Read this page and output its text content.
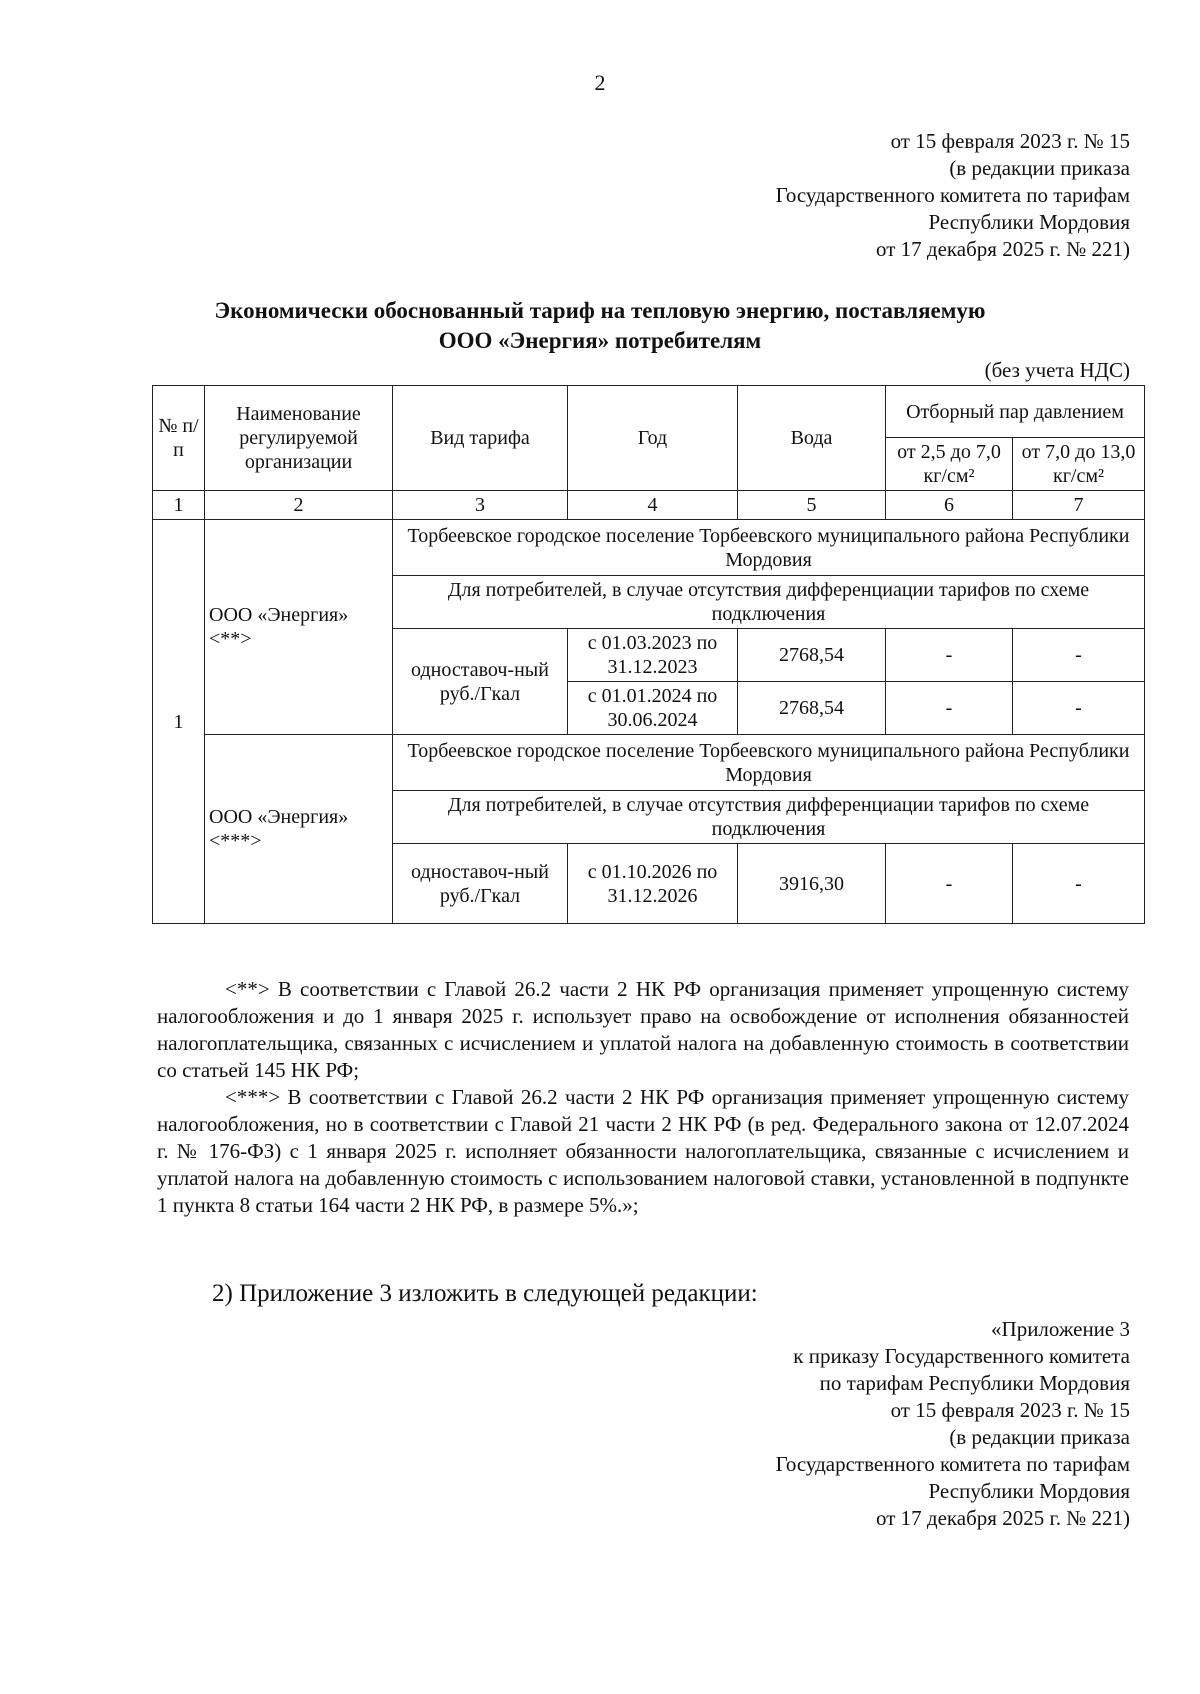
2
от 15 февраля 2023 г. № 15
(в редакции приказа
Государственного комитета по тарифам
Республики Мордовия
от 17 декабря 2025 г. № 221)
Экономически обоснованный тариф на тепловую энергию, поставляемую
ООО «Энергия» потребителям
(без учета НДС)
№ п/п	Наименование регулируемой организации	Вид тарифа	Год	Вода	Отборный пар давлением	
					от 2,5 до 7,0 кг/см²	от 7,0 до 13,0 кг/см²
1	2	3	4	5	6	7
1	ООО «Энергия» <**>	Торбеевское городское поселение Торбеевского муниципального района Республики Мордовия				
		Для потребителей, в случае отсутствия дифференциации тарифов по схеме подключения				
		одноставоч-ный руб./Гкал	с 01.03.2023 по 31.12.2023	2768,54	-	-
			с 01.01.2024 по 30.06.2024	2768,54	-	-
	ООО «Энергия» <***>	Торбеевское городское поселение Торбеевского муниципального района Республики Мордовия				
		Для потребителей, в случае отсутствия дифференциации тарифов по схеме подключения				
		одноставоч-ный руб./Гкал	с 01.10.2026 по 31.12.2026	3916,30	-	-

<**> В соответствии с Главой 26.2 части 2 НК РФ организация применяет упрощенную систему налогообложения и до 1 января 2025 г. использует право на освобождение от исполнения обязанностей налогоплательщика, связанных с исчислением и уплатой налога на добавленную стоимость в соответствии со статьей 145 НК РФ;

<***> В соответствии с Главой 26.2 части 2 НК РФ организация применяет упрощенную систему налогообложения, но в соответствии с Главой 21 части 2 НК РФ (в ред. Федерального закона от 12.07.2024 г. № 176-ФЗ) с 1 января 2025 г. исполняет обязанности налогоплательщика, связанные с исчислением и уплатой налога на добавленную стоимость с использованием налоговой ставки, установленной в подпункте 1 пункта 8 статьи 164 части 2 НК РФ, в размере 5%.»;

2) Приложение 3 изложить в следующей редакции:
«Приложение 3
к приказу Государственного комитета
по тарифам Республики Мордовия
от 15 февраля 2023 г. № 15
(в редакции приказа
Государственного комитета по тарифам
Республики Мордовия
от 17 декабря 2025 г. № 221)
